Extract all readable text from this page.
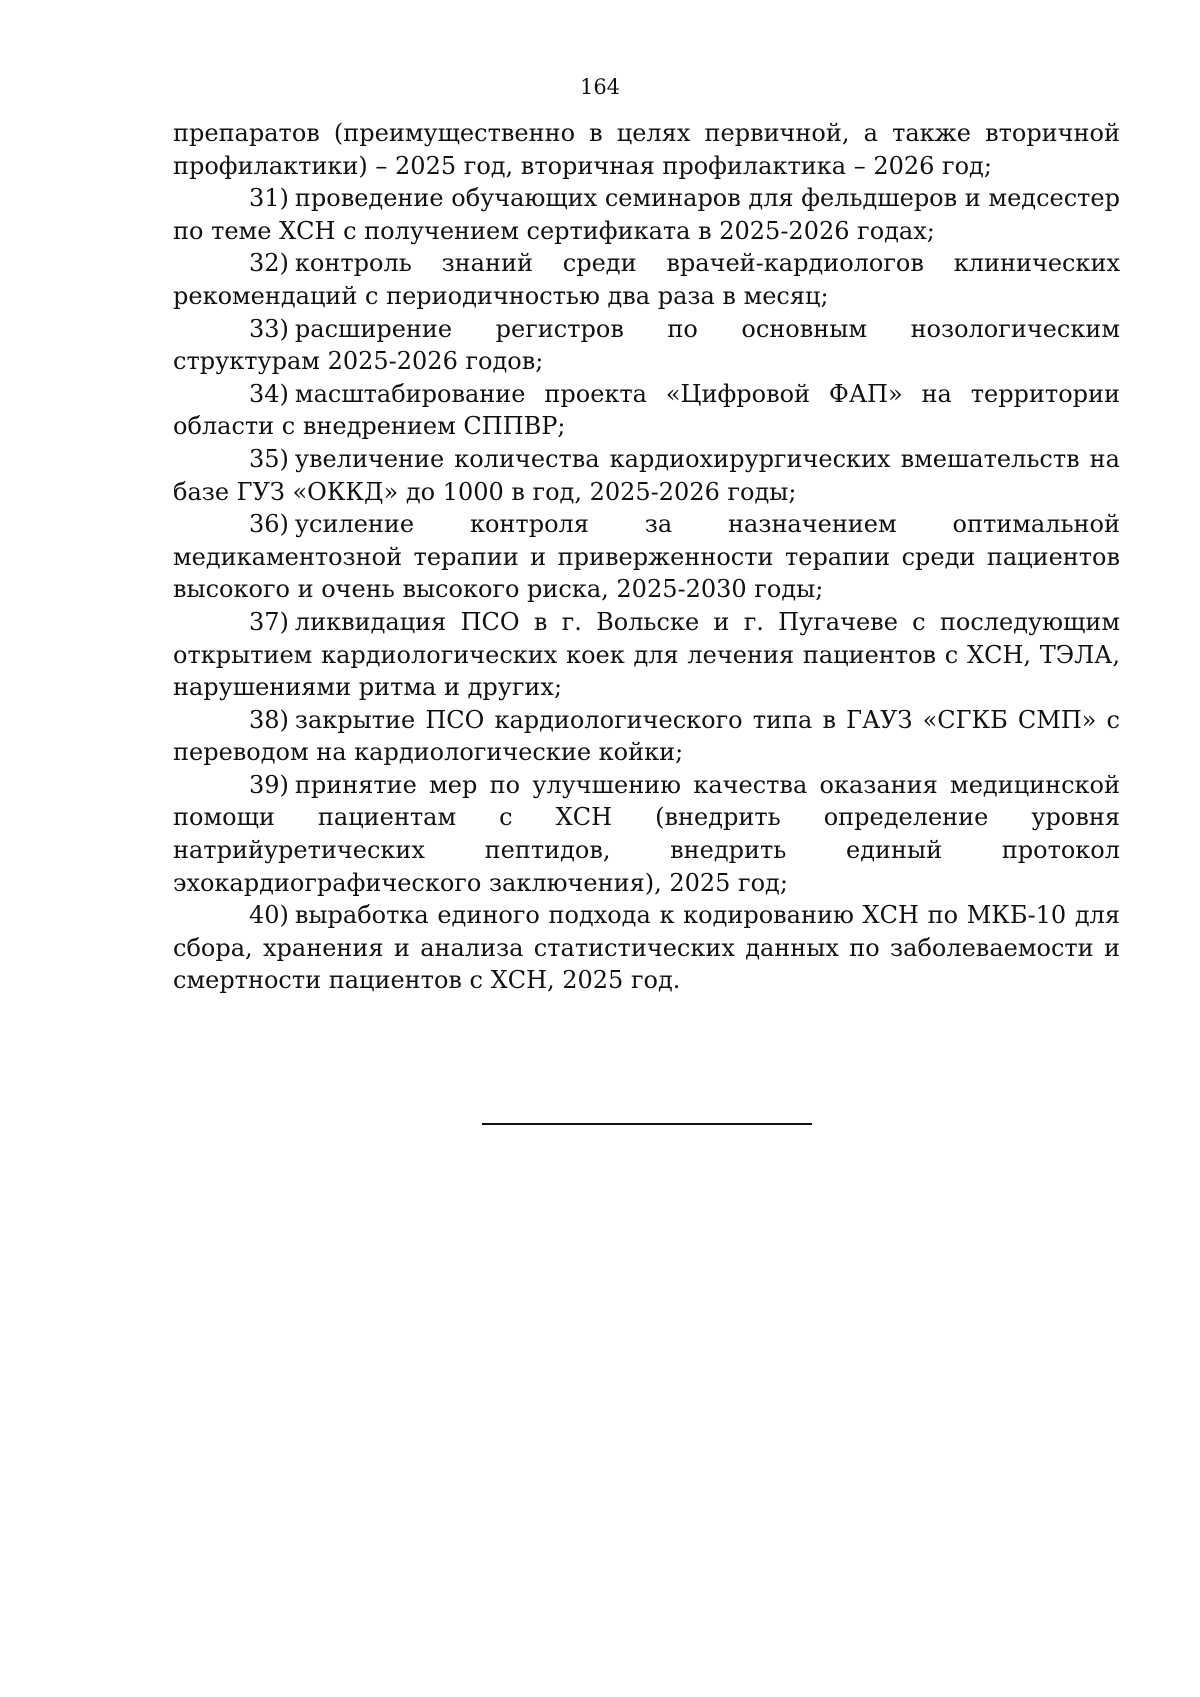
164

препаратов (преимущественно в целях первичной, а также вторичной профилактики) – 2025 год, вторичная профилактика – 2026 год;

31) проведение обучающих семинаров для фельдшеров и медсестер по теме ХСН с получением сертификата в 2025-2026 годах;

32) контроль знаний среди врачей-кардиологов клинических рекомендаций с периодичностью два раза в месяц;

33) расширение регистров по основным нозологическим структурам 2025-2026 годов;

34) масштабирование проекта «Цифровой ФАП» на территории области с внедрением СППВР;

35) увеличение количества кардиохирургических вмешательств на базе ГУЗ «ОККД» до 1000 в год, 2025-2026 годы;

36) усиление контроля за назначением оптимальной медикаментозной терапии и приверженности терапии среди пациентов высокого и очень высокого риска, 2025-2030 годы;

37) ликвидация ПСО в г. Вольске и г. Пугачеве с последующим открытием кардиологических коек для лечения пациентов с ХСН, ТЭЛА, нарушениями ритма и других;

38) закрытие ПСО кардиологического типа в ГАУЗ «СГКБ СМП» с переводом на кардиологические койки;

39) принятие мер по улучшению качества оказания медицинской помощи пациентам с ХСН (внедрить определение уровня натрийуретических пептидов, внедрить единый протокол эхокардиографического заключения), 2025 год;

40) выработка единого подхода к кодированию ХСН по МКБ-10 для сбора, хранения и анализа статистических данных по заболеваемости и смертности пациентов с ХСН, 2025 год.
